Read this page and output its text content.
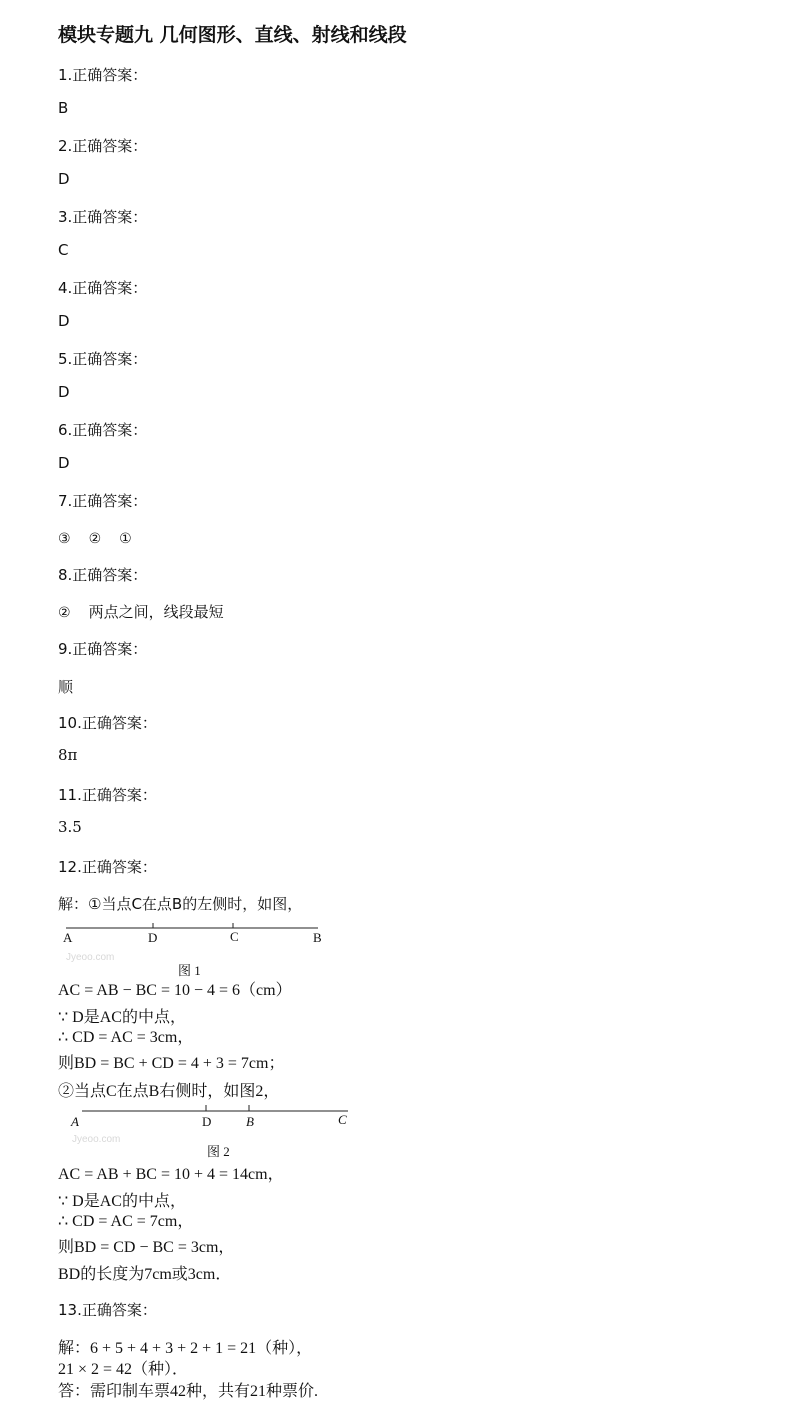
模块专题九 几何图形、直线、射线和线段
1.正确答案：
B
2.正确答案：
D
3.正确答案：
C
4.正确答案：
D
5.正确答案：
D
6.正确答案：
D
7.正确答案：
③ ② ①
8.正确答案：
② 两点之间，线段最短
9.正确答案：
顺
10.正确答案：
8π
11.正确答案：
3.5
12.正确答案：
解：①当点C在点B的左侧时，如图，
A	D	C	B
Jyeoo.com
图 1
AC = AB − BC = 10 − 4 = 6（cm）
∵ D是AC的中点，
∴ CD = AC = 3cm，
则BD = BC + CD = 4 + 3 = 7cm；
②当点C在点B右侧时，如图2，
A	D	B	C
Jyeoo.com
图 2
AC = AB + BC = 10 + 4 = 14cm，
∵ D是AC的中点，
∴ CD = AC = 7cm，
则BD = CD − BC = 3cm，
BD的长度为7cm或3cm．
13.正确答案：
解：6 + 5 + 4 + 3 + 2 + 1 = 21（种），
21 × 2 = 42（种）．
答：需印制车票42种，共有21种票价.
